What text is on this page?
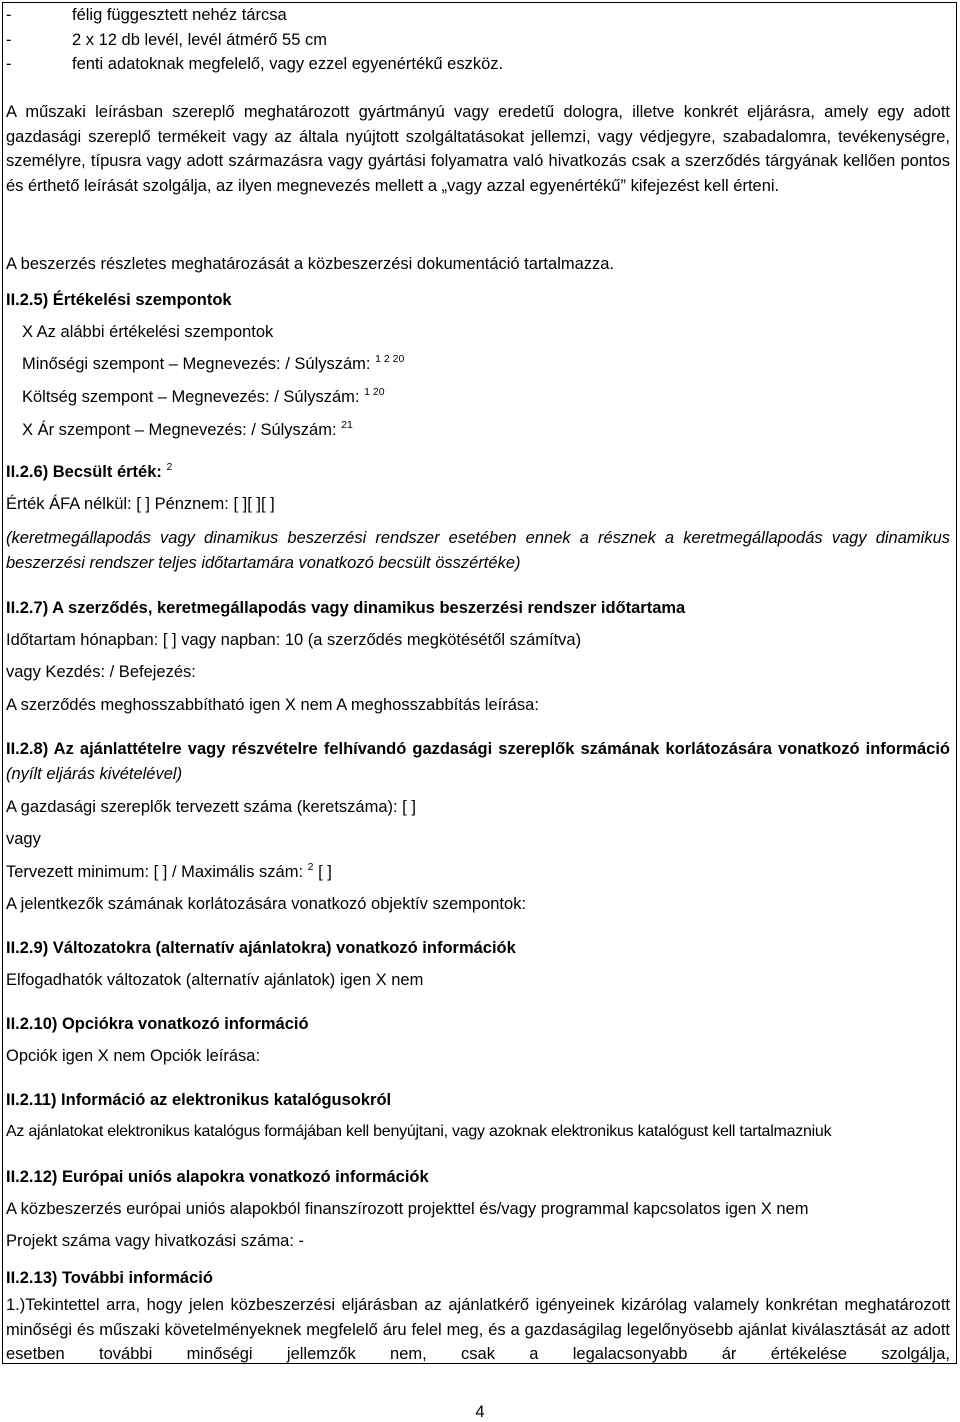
-	félig függesztett nehéz tárcsa
-	2 x 12 db levél, levél átmérő 55 cm
-	fenti adatoknak megfelelő, vagy ezzel egyenértékű eszköz.
A műszaki leírásban szereplő meghatározott gyártmányú vagy eredetű dologra, illetve konkrét eljárásra, amely egy adott gazdasági szereplő termékeit vagy az általa nyújtott szolgáltatásokat jellemzi, vagy védjegyre, szabadalomra, tevékenységre, személyre, típusra vagy adott származásra vagy gyártási folyamatra való hivatkozás csak a szerződés tárgyának kellően pontos és érthető leírását szolgálja, az ilyen megnevezés mellett a „vagy azzal egyenértékű” kifejezést kell érteni.
A beszerzés részletes meghatározását a közbeszerzési dokumentáció tartalmazza.
II.2.5) Értékelési szempontok
X Az alábbi értékelési szempontok
Minőségi szempont – Megnevezés: / Súlyszám: $^{1 2 20}$
Költség szempont – Megnevezés: / Súlyszám: $^{1 20}$
X Ár szempont – Megnevezés: / Súlyszám: $^{21}$
II.2.6) Becsült érték: $^2$
Érték ÁFA nélkül: [ ] Pénznem: [ ][ ][ ]
(keretmegállapodás vagy dinamikus beszerzési rendszer esetében ennek a résznek a keretmegállapodás vagy dinamikus beszerzési rendszer teljes időtartamára vonatkozó becsült összértéke)
II.2.7) A szerződés, keretmegállapodás vagy dinamikus beszerzési rendszer időtartama
Időtartam hónapban: [ ] vagy napban: 10 (a szerződés megkötésétől számítva)
vagy Kezdés: / Befejezés:
A szerződés meghosszabbítható igen X nem A meghosszabbítás leírása:
II.2.8) Az ajánlattételre vagy részvételre felhívandó gazdasági szereplők számának korlátozására vonatkozó információ (nyílt eljárás kivételével)
A gazdasági szereplők tervezett száma (keretszáma): [ ]
vagy
Tervezett minimum: [ ] / Maximális szám: $^2$ [ ]
A jelentkezők számának korlátozására vonatkozó objektív szempontok:
II.2.9) Változatokra (alternatív ajánlatokra) vonatkozó információk
Elfogadhatók változatok (alternatív ajánlatok) igen X nem
II.2.10) Opciókra vonatkozó információ
Opciók igen X nem Opciók leírása:
II.2.11) Információ az elektronikus katalógusokról
Az ajánlatokat elektronikus katalógus formájában kell benyújtani, vagy azoknak elektronikus katalógust kell tartalmazniuk
II.2.12) Európai uniós alapokra vonatkozó információk
A közbeszerzés európai uniós alapokból finanszírozott projekttel és/vagy programmal kapcsolatos igen X nem
Projekt száma vagy hivatkozási száma: -
II.2.13) További információ
1.)Tekintettel arra, hogy jelen közbeszerzési eljárásban az ajánlatkérő igényeinek kizárólag valamely konkrétan meghatározott minőségi és műszaki követelményeknek megfelelő áru felel meg, és a gazdaságilag legelőnyösebb ajánlat kiválasztását az adott esetben további minőségi jellemzők nem, csak a legalacsonyabb ár értékelése szolgálja,
4
